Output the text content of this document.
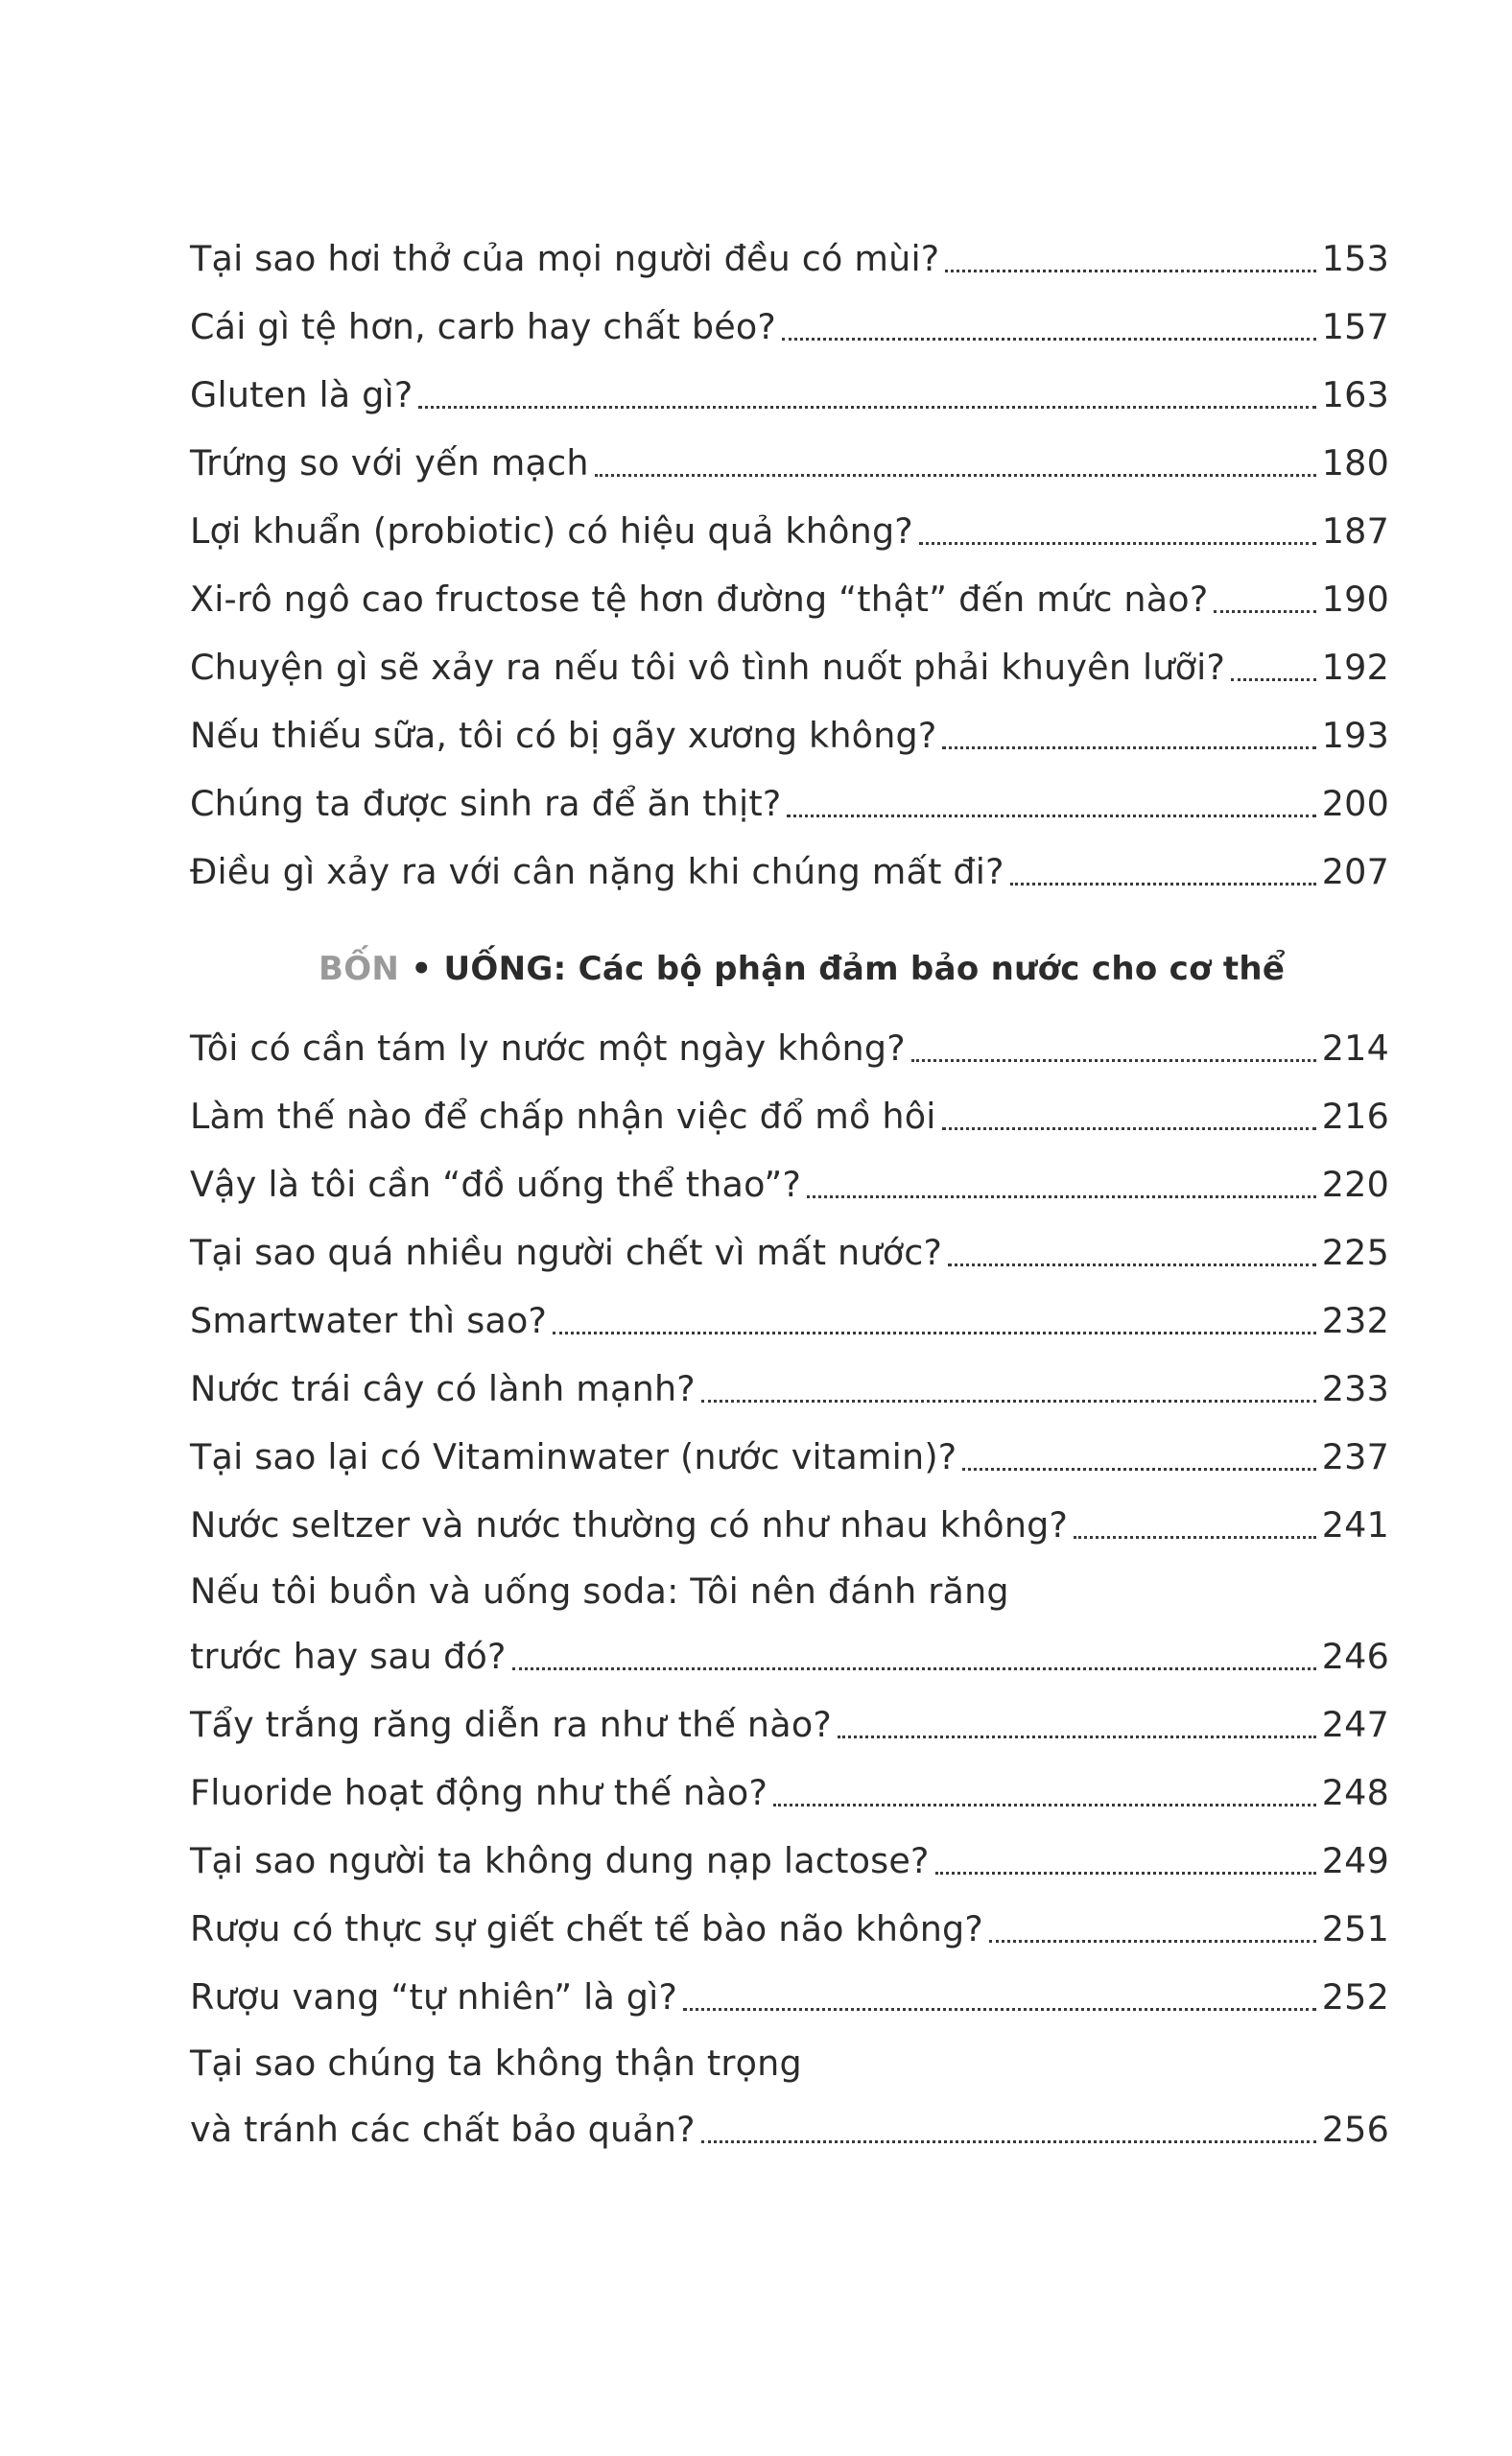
Tại sao hơi thở của mọi người đều có mùi?	153
Cái gì tệ hơn, carb hay chất béo?	157
Gluten là gì?	163
Trứng so với yến mạch	180
Lợi khuẩn (probiotic) có hiệu quả không?	187
Xi-rô ngô cao fructose tệ hơn đường “thật” đến mức nào?	190
Chuyện gì sẽ xảy ra nếu tôi vô tình nuốt phải khuyên lưỡi?	192
Nếu thiếu sữa, tôi có bị gãy xương không?	193
Chúng ta được sinh ra để ăn thịt?	200
Điều gì xảy ra với cân nặng khi chúng mất đi?	207
BỐN • UỐNG: Các bộ phận đảm bảo nước cho cơ thể
Tôi có cần tám ly nước một ngày không?	214
Làm thế nào để chấp nhận việc đổ mồ hôi	216
Vậy là tôi cần “đồ uống thể thao”?	220
Tại sao quá nhiều người chết vì mất nước?	225
Smartwater thì sao?	232
Nước trái cây có lành mạnh?	233
Tại sao lại có Vitaminwater (nước vitamin)?	237
Nước seltzer và nước thường có như nhau không?	241
Nếu tôi buồn và uống soda: Tôi nên đánh răng
trước hay sau đó?	246
Tẩy trắng răng diễn ra như thế nào?	247
Fluoride hoạt động như thế nào?	248
Tại sao người ta không dung nạp lactose?	249
Rượu có thực sự giết chết tế bào não không?	251
Rượu vang “tự nhiên” là gì?	252
Tại sao chúng ta không thận trọng
và tránh các chất bảo quản?	256
